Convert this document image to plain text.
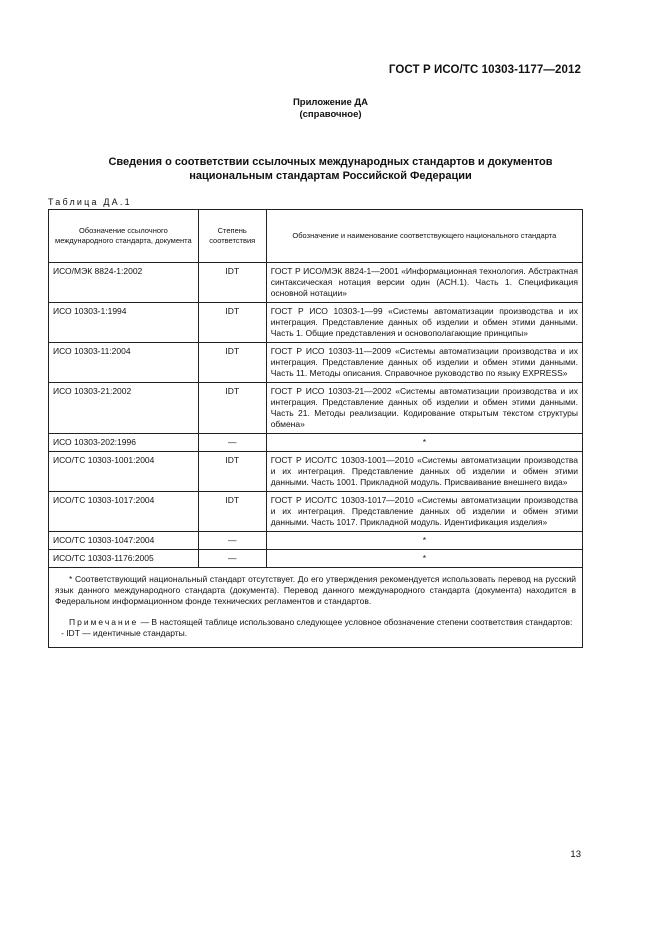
ГОСТ Р ИСО/ТС 10303-1177—2012
Приложение ДА
(справочное)
Сведения о соответствии ссылочных международных стандартов и документов
национальным стандартам Российской Федерации
Таблица ДА.1
Обозначение ссылочного международного стандарта, документа	Степень соответствия	Обозначение и наименование соответствующего национального стандарта
ИСО/МЭК 8824-1:2002	IDT	ГОСТ Р ИСО/МЭК 8824-1—2001 «Информационная технология. Абстрактная синтаксическая нотация версии один (АСН.1). Часть 1. Спецификация основной нотации»
ИСО 10303-1:1994	IDT	ГОСТ Р ИСО 10303-1—99 «Системы автоматизации производства и их интеграция. Представление данных об изделии и обмен этими данными. Часть 1. Общие представления и основополагающие принципы»
ИСО 10303-11:2004	IDT	ГОСТ Р ИСО 10303-11—2009 «Системы автоматизации производства и их интеграция. Представление данных об изделии и обмен этими данными. Часть 11. Методы описания. Справочное руководство по языку EXPRESS»
ИСО 10303-21:2002	IDT	ГОСТ Р ИСО 10303-21—2002 «Системы автоматизации производства и их интеграция. Представление данных об изделии и обмен этими данными. Часть 21. Методы реализации. Кодирование открытым текстом структуры обмена»
ИСО 10303-202:1996	—	*
ИСО/ТС 10303-1001:2004	IDT	ГОСТ Р ИСО/ТС 10303-1001—2010 «Системы автоматизации производства и их интеграция. Представление данных об изделии и обмен этими данными. Часть 1001. Прикладной модуль. Присваивание внешнего вида»
ИСО/ТС 10303-1017:2004	IDT	ГОСТ Р ИСО/ТС 10303-1017—2010 «Системы автоматизации производства и их интеграция. Представление данных об изделии и обмен этими данными. Часть 1017. Прикладной модуль. Идентификация изделия»
ИСО/ТС 10303-1047:2004	—	*
ИСО/ТС 10303-1176:2005	—	*

* Соответствующий национальный стандарт отсутствует. До его утверждения рекомендуется использовать перевод на русский язык данного международного стандарта (документа). Перевод данного международного стандарта (документа) находится в Федеральном информационном фонде технических регламентов и стандартов.

Примечание — В настоящей таблице использовано следующее условное обозначение степени соответствия стандартов:

- IDT — идентичные стандарты.		

13
